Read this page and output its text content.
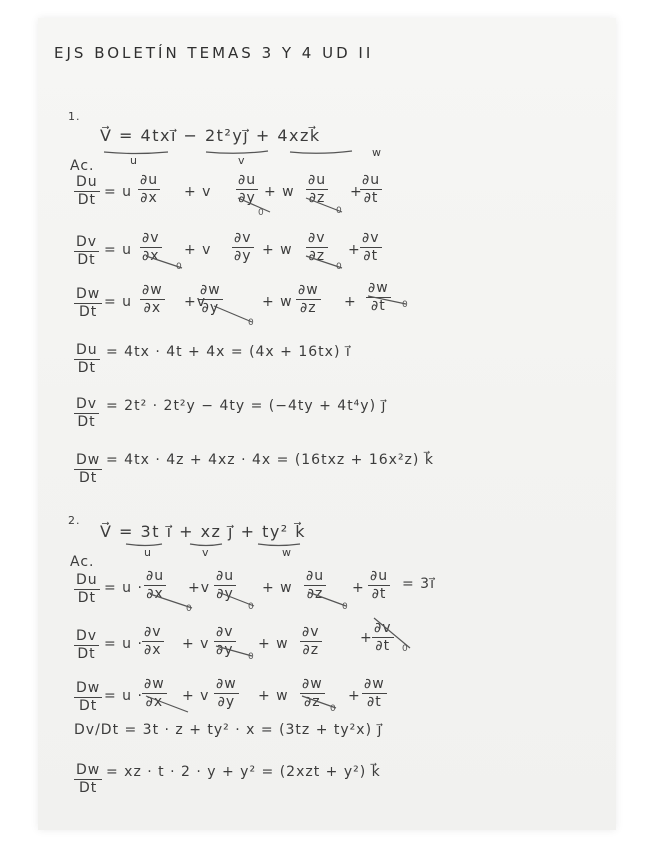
EJS BOLETÍN TEMAS 3 Y 4 UD II
1.
V⃗ = 4txi⃗ − 2t²yj⃗ + 4xzk⃗
u	v
w
Ac.
$\frac{Du}{Dt} = u \frac{\partial u}{\partial x} + v \frac{\partial u}{\partial y}$
0
+ w $\frac{\partial u}{\partial z}$
0
+
$\frac{\partial u}{\partial t}$
$\frac{Dv}{Dt} = u \frac{\partial v}{\partial x}$
0
+ v $\frac{\partial v}{\partial y} + w \frac{\partial v}{\partial z}$
0
+ $\frac{\partial v}{\partial t}$
$\frac{Dw}{Dt} = u \frac{\partial w}{\partial x} +v$
$\frac{\partial w}{\partial y}$
0
+ w $\frac{\partial w}{\partial z} + \frac{\partial w}{\partial t} 0$
$\frac{Du}{Dt} = 4tx \cdot 4t + 4x = (4x + 16tx)$ i⃗
$\frac{Dv}{Dt} = 2t^2 \cdot 2t^2y - 4ty = (-4ty + 4t^4y)$ j⃗
$\frac{Dw}{Dt} = 4tx \cdot 4z + 4xz \cdot 4x = (16txz + 16x^2z)$ k⃗
2.
V⃗ = 3t i⃗ + xz j⃗ + ty² k⃗
u	v	w
Ac.
$\frac{Du}{Dt} = u \cdot \frac{\partial u}{\partial x}$
0
$+v \frac{\partial u}{\partial y}$
0
+ w $\frac{\partial u}{\partial z}$
0
+ $\frac{\partial u}{\partial t}$ = 3i⃗
$\frac{Dv}{Dt} = u \cdot \frac{\partial v}{\partial x} + v \frac{\partial v}{\partial y} 0$
+ w $\frac{\partial v}{\partial z}$	+ $\frac{\partial v}{\partial t} 0$
$\frac{Dw}{Dt} = u \cdot \frac{\partial w}{\partial x} + v \frac{\partial w}{\partial y} + w \frac{\partial w}{\partial z} 0$
+ $\frac{\partial w}{\partial t}$
Dv/Dt = 3t · z + ty² · x = (3tz + ty²x) j⃗
$\frac{Dw}{Dt}$ = xz · t · 2 · y + y² = (2xzt + y²) k⃗
